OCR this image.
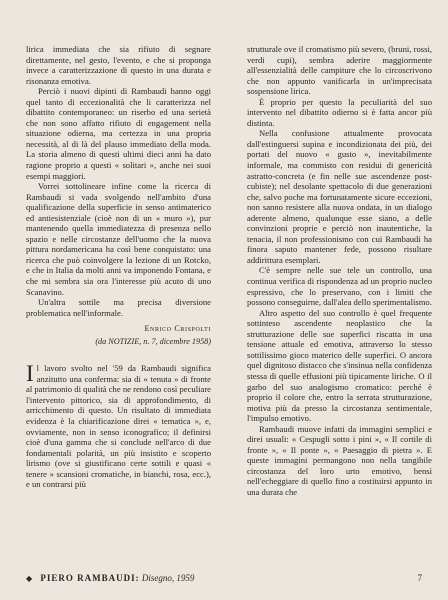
lirica immediata che sia rifiuto di segnare direttamente, nel gesto, l'evento, e che si proponga invece a caratterizzazione di questo in una durata e risonanza emotiva.

Perciò i nuovi dipinti di Rambaudi hanno oggi quel tanto di eccezionalità che li caratterizza nel dibattito contemporaneo: un riserbo ed una serietà che non sono affatto rifiuto di engagement nella situazione odierna, ma certezza in una propria necessità, al di là del plauso immediato della moda. La storia almeno di questi ultimi dieci anni ha dato ragione proprio a questi « solitari », anche nei suoi esempi maggiori.

Vorrei sottolineare infine come la ricerca di Rambaudi si vada svolgendo nell'ambito d'una qualificazione della superficie in senso antimaterico ed antiesistenziale (cioè non di un « muro »), pur mantenendo quella immediatezza di presenza nello spazio e nelle circostanze dell'uomo che la nuova pittura nordamericana ha così bene conquistato: una ricerca che può coinvolgere la lezione di un Rotcko, e che in Italia da molti anni va imponendo Fontana, e che mi sembra sia ora l'interesse più acuto di uno Scanavino.

Un'altra sottile ma precisa diversione problematica nell'informale.

Enrico Crispolti

(da NOTIZIE, n. 7, dicembre 1958)

I l lavoro svolto nel '59 da Rambaudi significa anzitutto una conferma: sia di « tenuta » di fronte al patrimonio di qualità che ne rendono così peculiare l'intervento pittorico, sia di approfondimento, di arricchimento di questo. Un risultato di immediata evidenza è la chiarificazione direi « tematica », e, ovviamente, non in senso iconografico; il definirsi cioè d'una gamma che si conclude nell'arco di due fondamentali polarità, un più insistito e scoperto lirismo (ove si giustificano certe sottili e quasi « tenere » scansioni cromatiche, in bianchi, rosa, ecc.), e un contrarsi più

strutturale ove il cromatismo più severo, (bruni, rossi, verdi cupi), sembra aderire maggiormente all'essenzialità delle campiture che lo circoscrivono che non appunto vanificarla in un'imprecisata sospensione lirica.

È proprio per questo la peculiarità del suo intervento nel dibattito odierno si è fatta ancor più distinta.

Nella confusione attualmente provocata dall'estinguersi supina e incondizionata dei più, dei portati del nuovo « gusto », inevitabilmente informale, ma commisto con residui di genericità astratto-concreta (e fin nelle sue ascendenze post-cubiste); nel desolante spettacolo di due generazioni che, salvo poche ma fortunatamente sicure eccezioni, non sanno resistere alla nuova ondata, in un dialogo aderente almeno, qualunque esse siano, a delle convinzioni proprie e perciò non inautentiche, la tenacia, il non professionismo con cui Rambaudi ha finora saputo mantener fede, possono risultare addirittura esemplari.

C'è sempre nelle sue tele un controllo, una continua verifica di rispondenza ad un proprio nucleo espressivo, che lo preservano, con i limiti che possono conseguirne, dall'alea dello sperimentalismo.

Altro aspetto del suo controllo è quel frequente sottinteso ascendente neoplastico che la strutturazione delle sue superfici riscatta in una tensione attuale ed emotiva, attraverso lo stesso sottilissimo gioco materico delle superfici. O ancora quel dignitoso distacco che s'insinua nella confidenza stessa di quelle effusioni più tipicamente liriche. O il garbo del suo analogismo cromatico: perché è proprio il colore che, entro la serrata strutturazione, motiva più da presso la circostanza sentimentale, l'impulso emotivo.

Rambaudi muove infatti da immagini semplici e direi usuali: « Cespugli sotto i pini », « Il cortile di fronte », « Il ponte », « Paesaggio di pietra ». E queste immagini permangono non nella tangibile circostanza del loro urto emotivo, bensì nell'echeggiare di quello fino a costituirsi appunto in una durata che

◆ PIERO RAMBAUDI: Disegno, 1959	7
